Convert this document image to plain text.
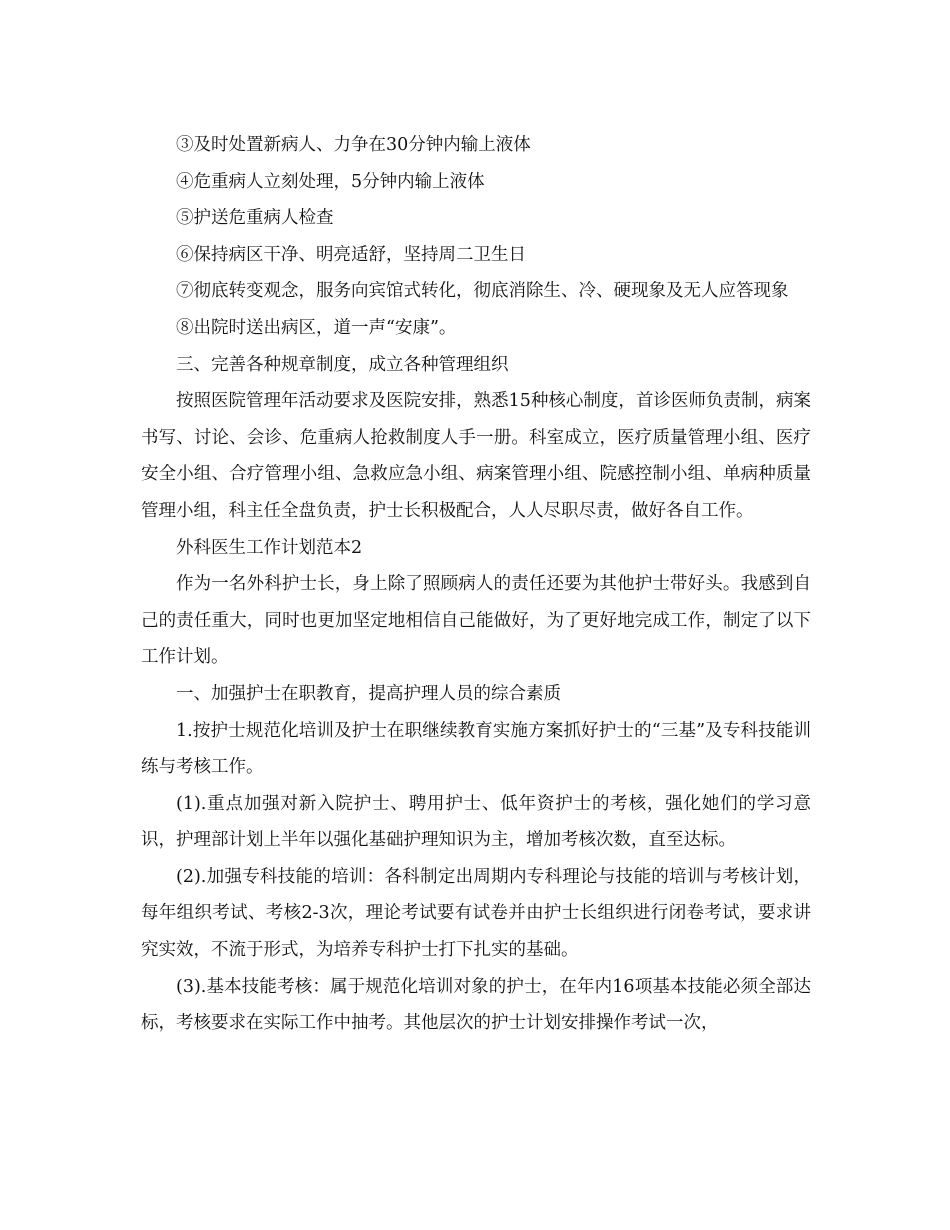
③及时处置新病人、力争在30分钟内输上液体

④危重病人立刻处理，5分钟内输上液体

⑤护送危重病人检查

⑥保持病区干净、明亮适舒，坚持周二卫生日

⑦彻底转变观念，服务向宾馆式转化，彻底消除生、冷、硬现象及无人应答现象

⑧出院时送出病区，道一声“安康”。

三、完善各种规章制度，成立各种管理组织

按照医院管理年活动要求及医院安排，熟悉15种核心制度，首诊医师负责制，病案书写、讨论、会诊、危重病人抢救制度人手一册。科室成立，医疗质量管理小组、医疗安全小组、合疗管理小组、急救应急小组、病案管理小组、院感控制小组、单病种质量管理小组，科主任全盘负责，护士长积极配合，人人尽职尽责，做好各自工作。

外科医生工作计划范本2

作为一名外科护士长，身上除了照顾病人的责任还要为其他护士带好头。我感到自己的责任重大，同时也更加坚定地相信自己能做好，为了更好地完成工作，制定了以下工作计划。

一、加强护士在职教育，提高护理人员的综合素质

1.按护士规范化培训及护士在职继续教育实施方案抓好护士的“三基”及专科技能训练与考核工作。

(1).重点加强对新入院护士、聘用护士、低年资护士的考核，强化她们的学习意识，护理部计划上半年以强化基础护理知识为主，增加考核次数，直至达标。

(2).加强专科技能的培训：各科制定出周期内专科理论与技能的培训与考核计划，每年组织考试、考核2-3次，理论考试要有试卷并由护士长组织进行闭卷考试，要求讲究实效，不流于形式，为培养专科护士打下扎实的基础。

(3).基本技能考核：属于规范化培训对象的护士，在年内16项基本技能必须全部达标，考核要求在实际工作中抽考。其他层次的护士计划安排操作考试一次，
